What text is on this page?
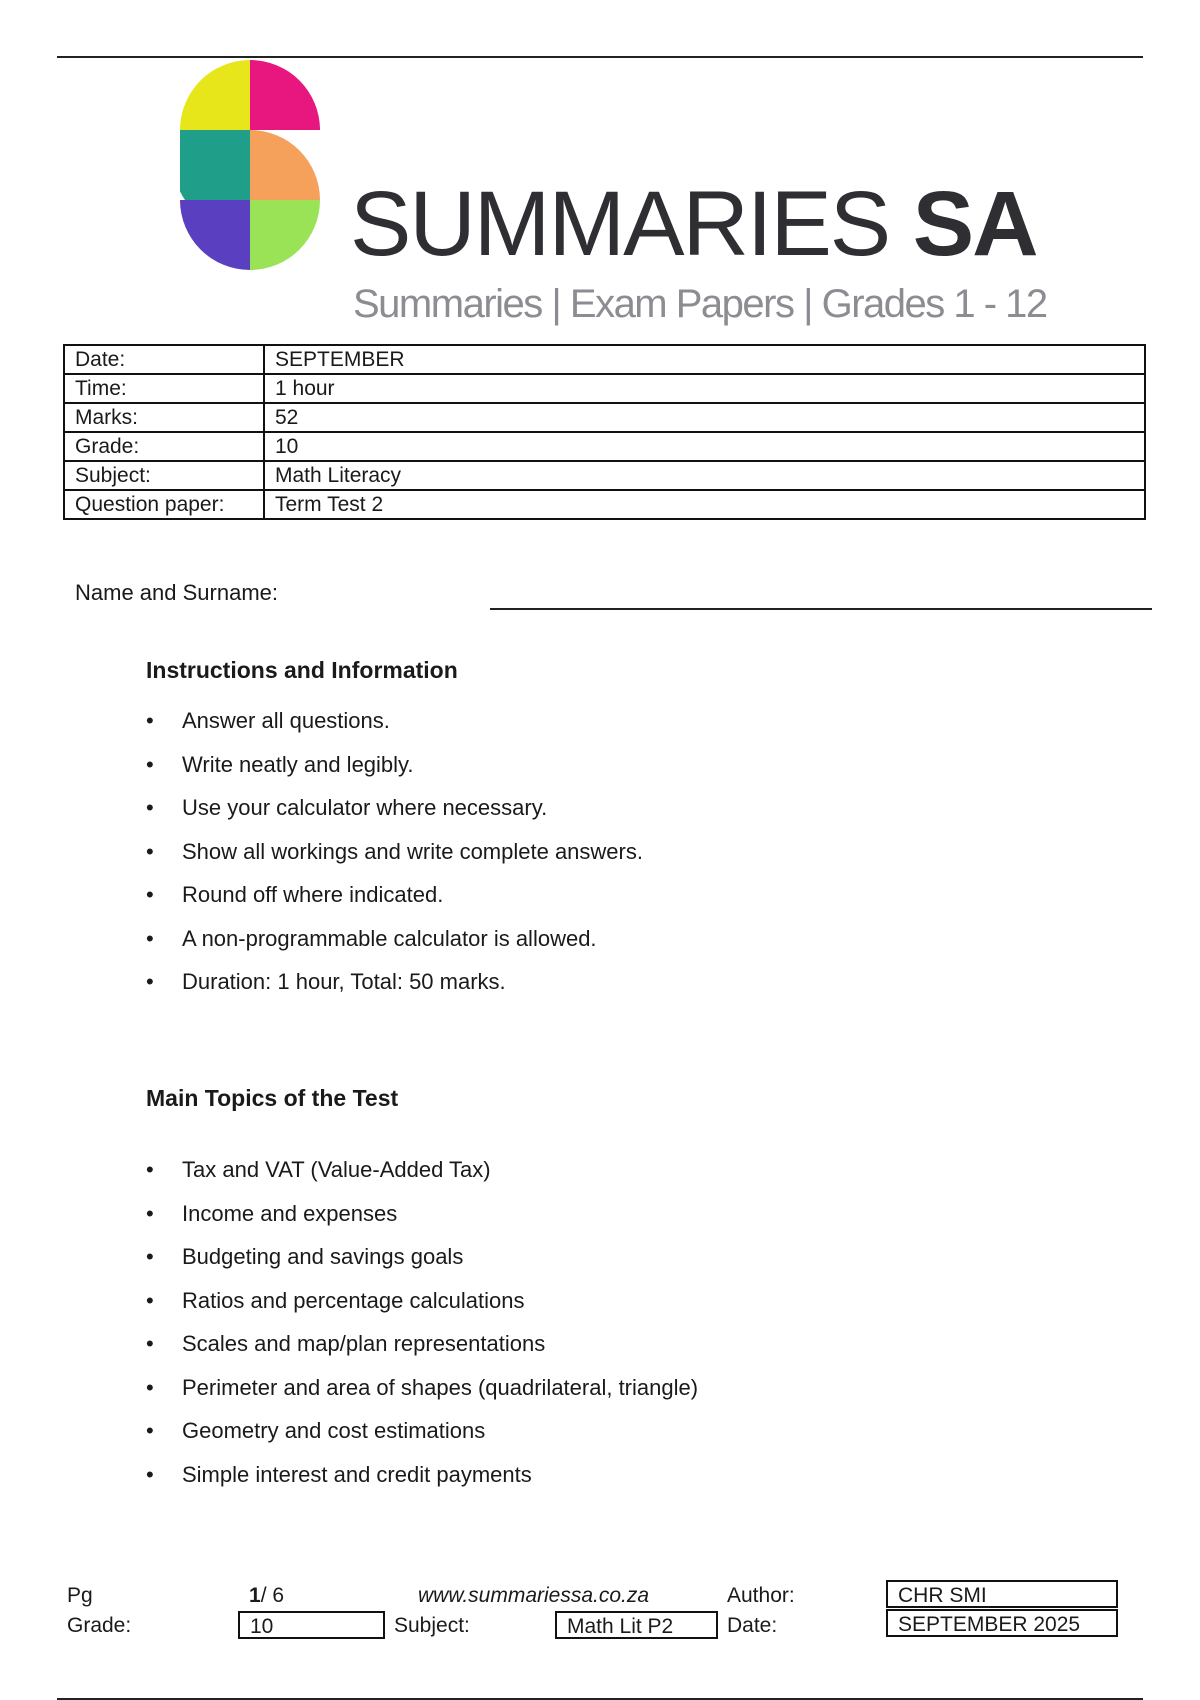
SUMMARIES SA
Summaries | Exam Papers | Grades 1 - 12
Date:	SEPTEMBER
Time:	1 hour
Marks:	52
Grade:	10
Subject:	Math Literacy
Question paper:	Term Test 2
Name and Surname:
Instructions and Information
• Answer all questions.
• Write neatly and legibly.
• Use your calculator where necessary.
• Show all workings and write complete answers.
• Round off where indicated.
• A non-programmable calculator is allowed.
• Duration: 1 hour, Total: 50 marks.
Main Topics of the Test
• Tax and VAT (Value-Added Tax)
• Income and expenses
• Budgeting and savings goals
• Ratios and percentage calculations
• Scales and map/plan representations
• Perimeter and area of shapes (quadrilateral, triangle)
• Geometry and cost estimations
• Simple interest and credit payments
Pg	1/ 6	www.summariessa.co.za	Author:	CHR SMI
Grade:	10	Subject:	Math Lit P2	Date:	SEPTEMBER 2025
